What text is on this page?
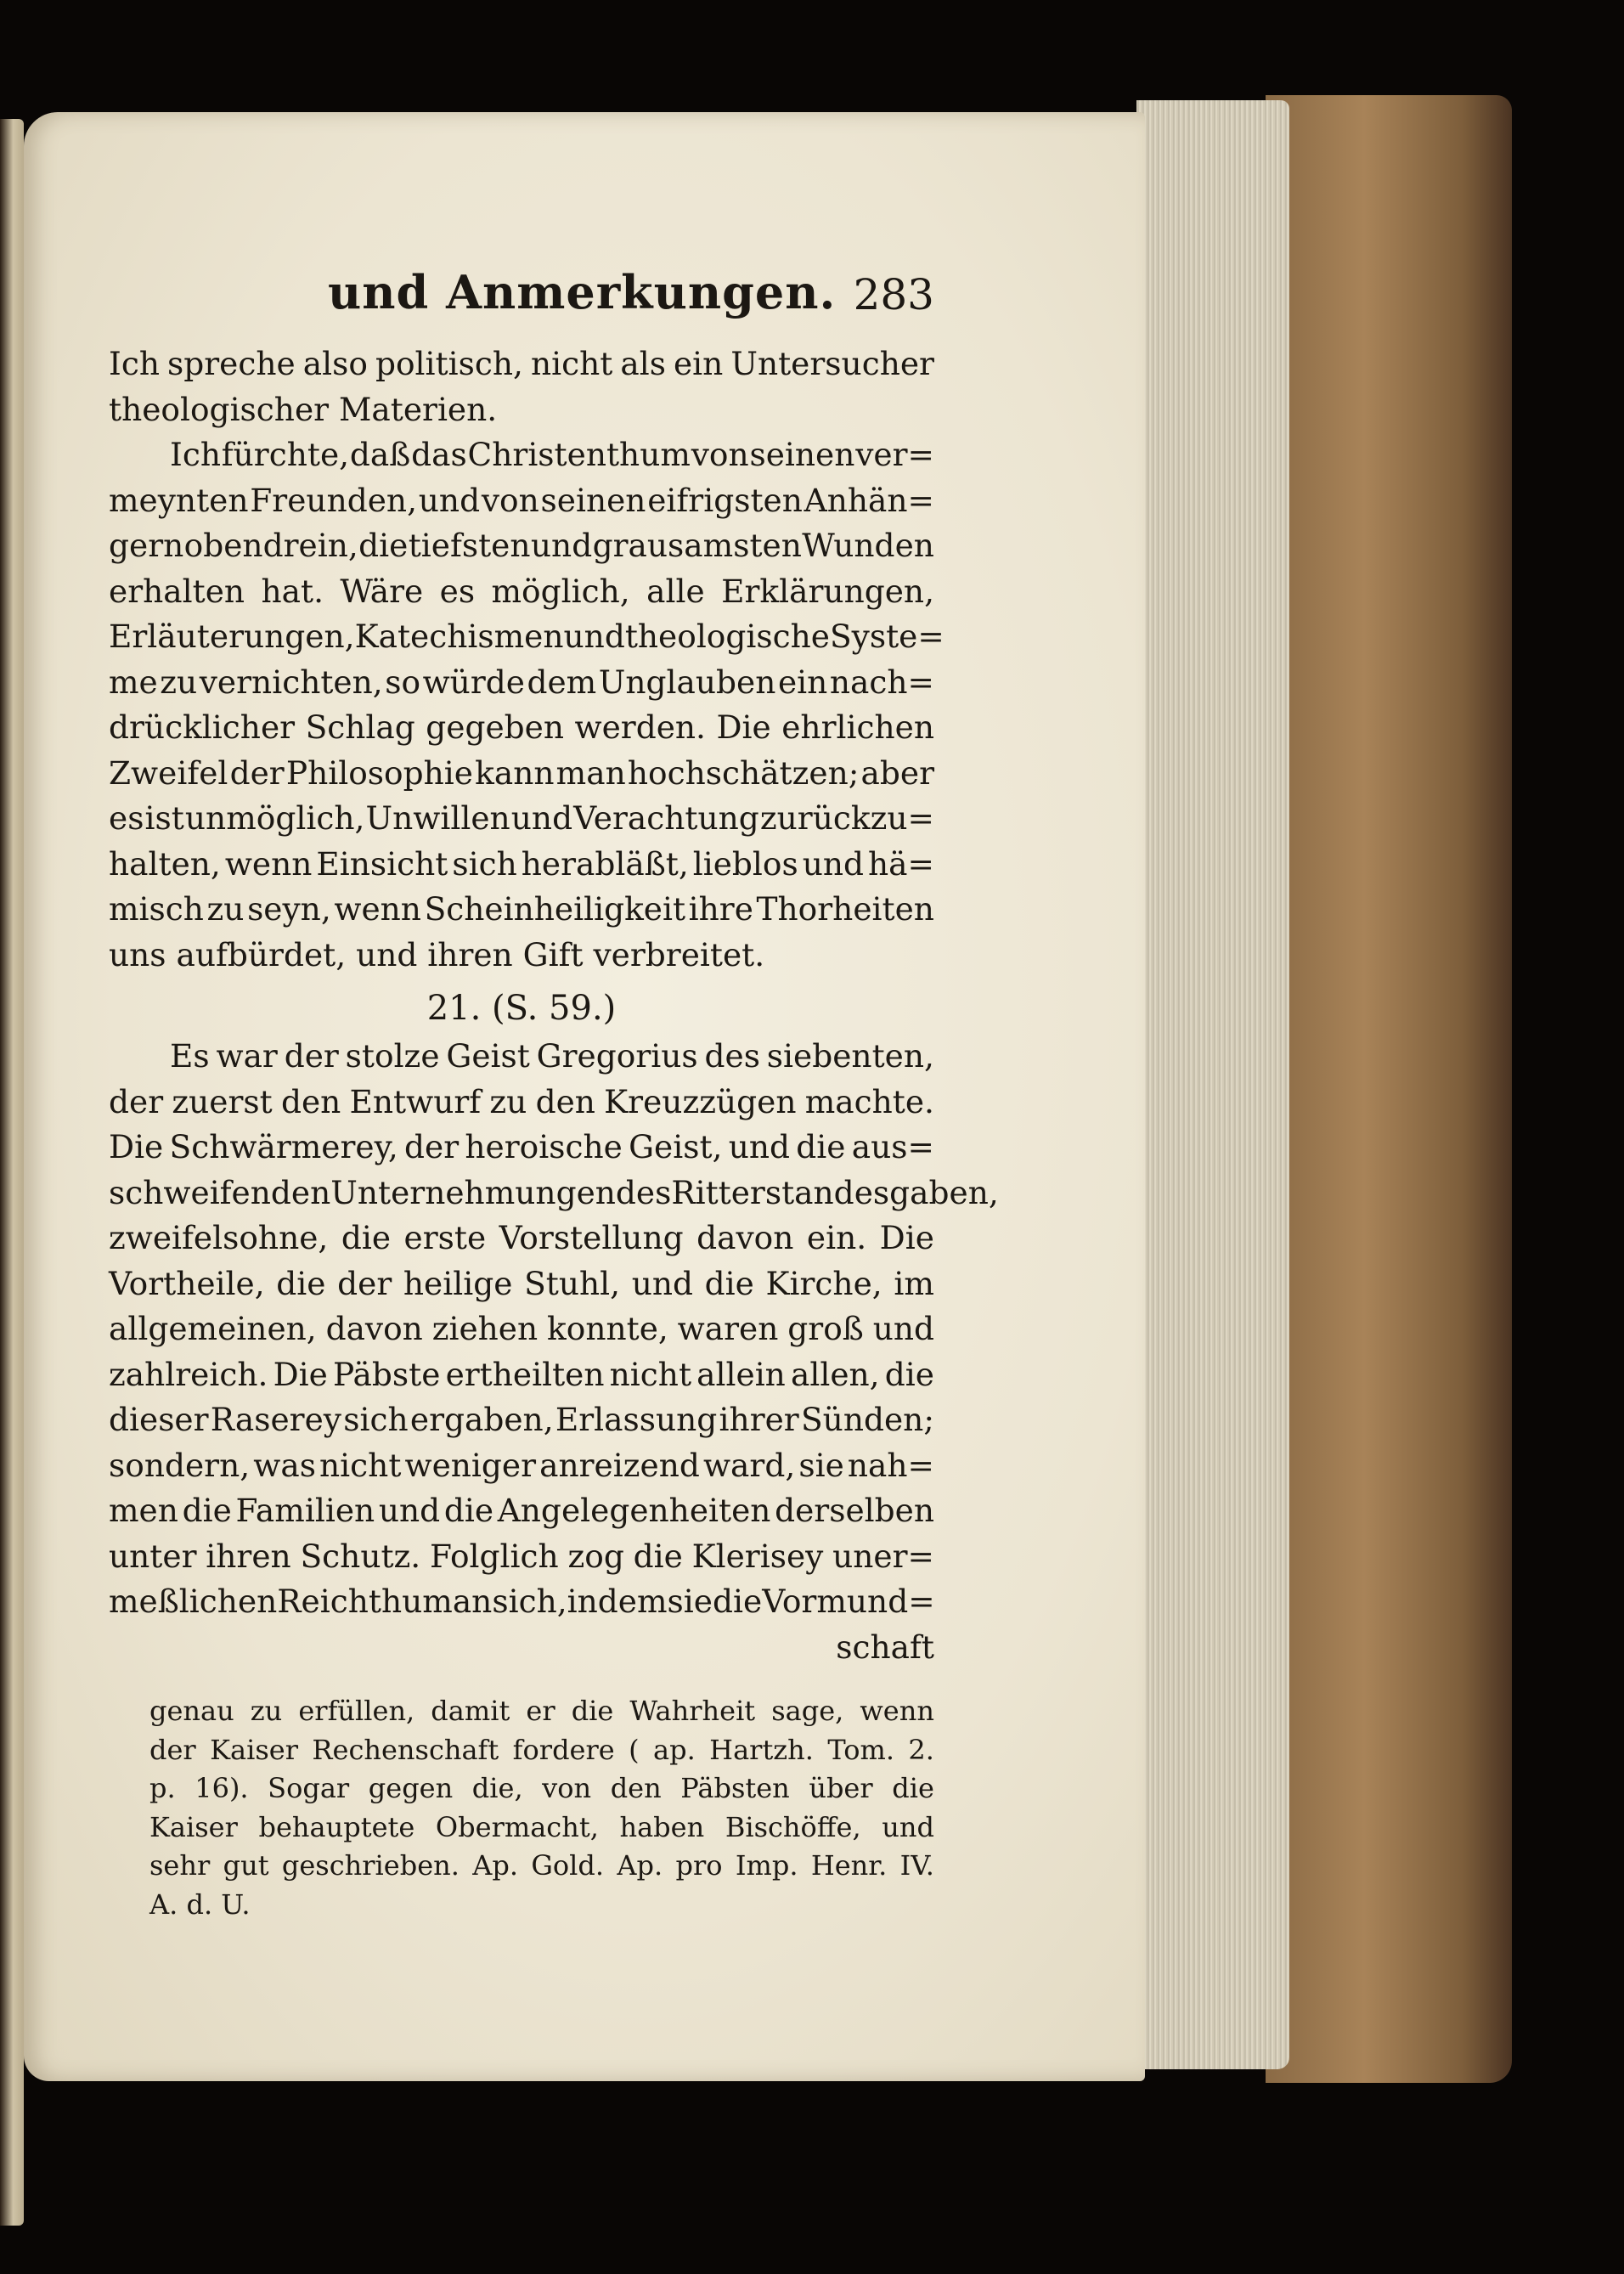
und Anmerkungen. 283
Ich spreche also politisch, nicht als ein Untersucher
theologischer Materien.
Ich fürchte, daß das Christenthum von seinen ver=
meynten Freunden, und von seinen eifrigsten Anhän=
gern obendrein, die tiefsten und grausamsten Wunden
erhalten hat. Wäre es möglich, alle Erklärungen,
Erläuterungen, Katechismen und theologische Syste=
me zu vernichten, so würde dem Unglauben ein nach=
drücklicher Schlag gegeben werden. Die ehrlichen
Zweifel der Philosophie kann man hochschätzen; aber
es ist unmöglich, Unwillen und Verachtung zurückzu=
halten, wenn Einsicht sich herabläßt, lieblos und hä=
misch zu seyn, wenn Scheinheiligkeit ihre Thorheiten
uns aufbürdet, und ihren Gift verbreitet.
21. (S. 59.)
Es war der stolze Geist Gregorius des siebenten,
der zuerst den Entwurf zu den Kreuzzügen machte.
Die Schwärmerey, der heroische Geist, und die aus=
schweifenden Unternehmungen des Ritterstandes gaben,
zweifelsohne, die erste Vorstellung davon ein. Die
Vortheile, die der heilige Stuhl, und die Kirche, im
allgemeinen, davon ziehen konnte, waren groß und
zahlreich. Die Päbste ertheilten nicht allein allen, die
dieser Raserey sich ergaben, Erlassung ihrer Sünden;
sondern, was nicht weniger anreizend ward, sie nah=
men die Familien und die Angelegenheiten derselben
unter ihren Schutz. Folglich zog die Klerisey uner=
meßlichen Reichthum an sich, indem sie die Vormund=
schaft
genau zu erfüllen, damit er die Wahrheit sage, wenn
der Kaiser Rechenschaft fordere ( ap. Hartzh. Tom. 2.
p. 16). Sogar gegen die, von den Päbsten über die
Kaiser behauptete Obermacht, haben Bischöffe, und
sehr gut geschrieben. Ap. Gold. Ap. pro Imp. Henr. IV.
A. d. U.
